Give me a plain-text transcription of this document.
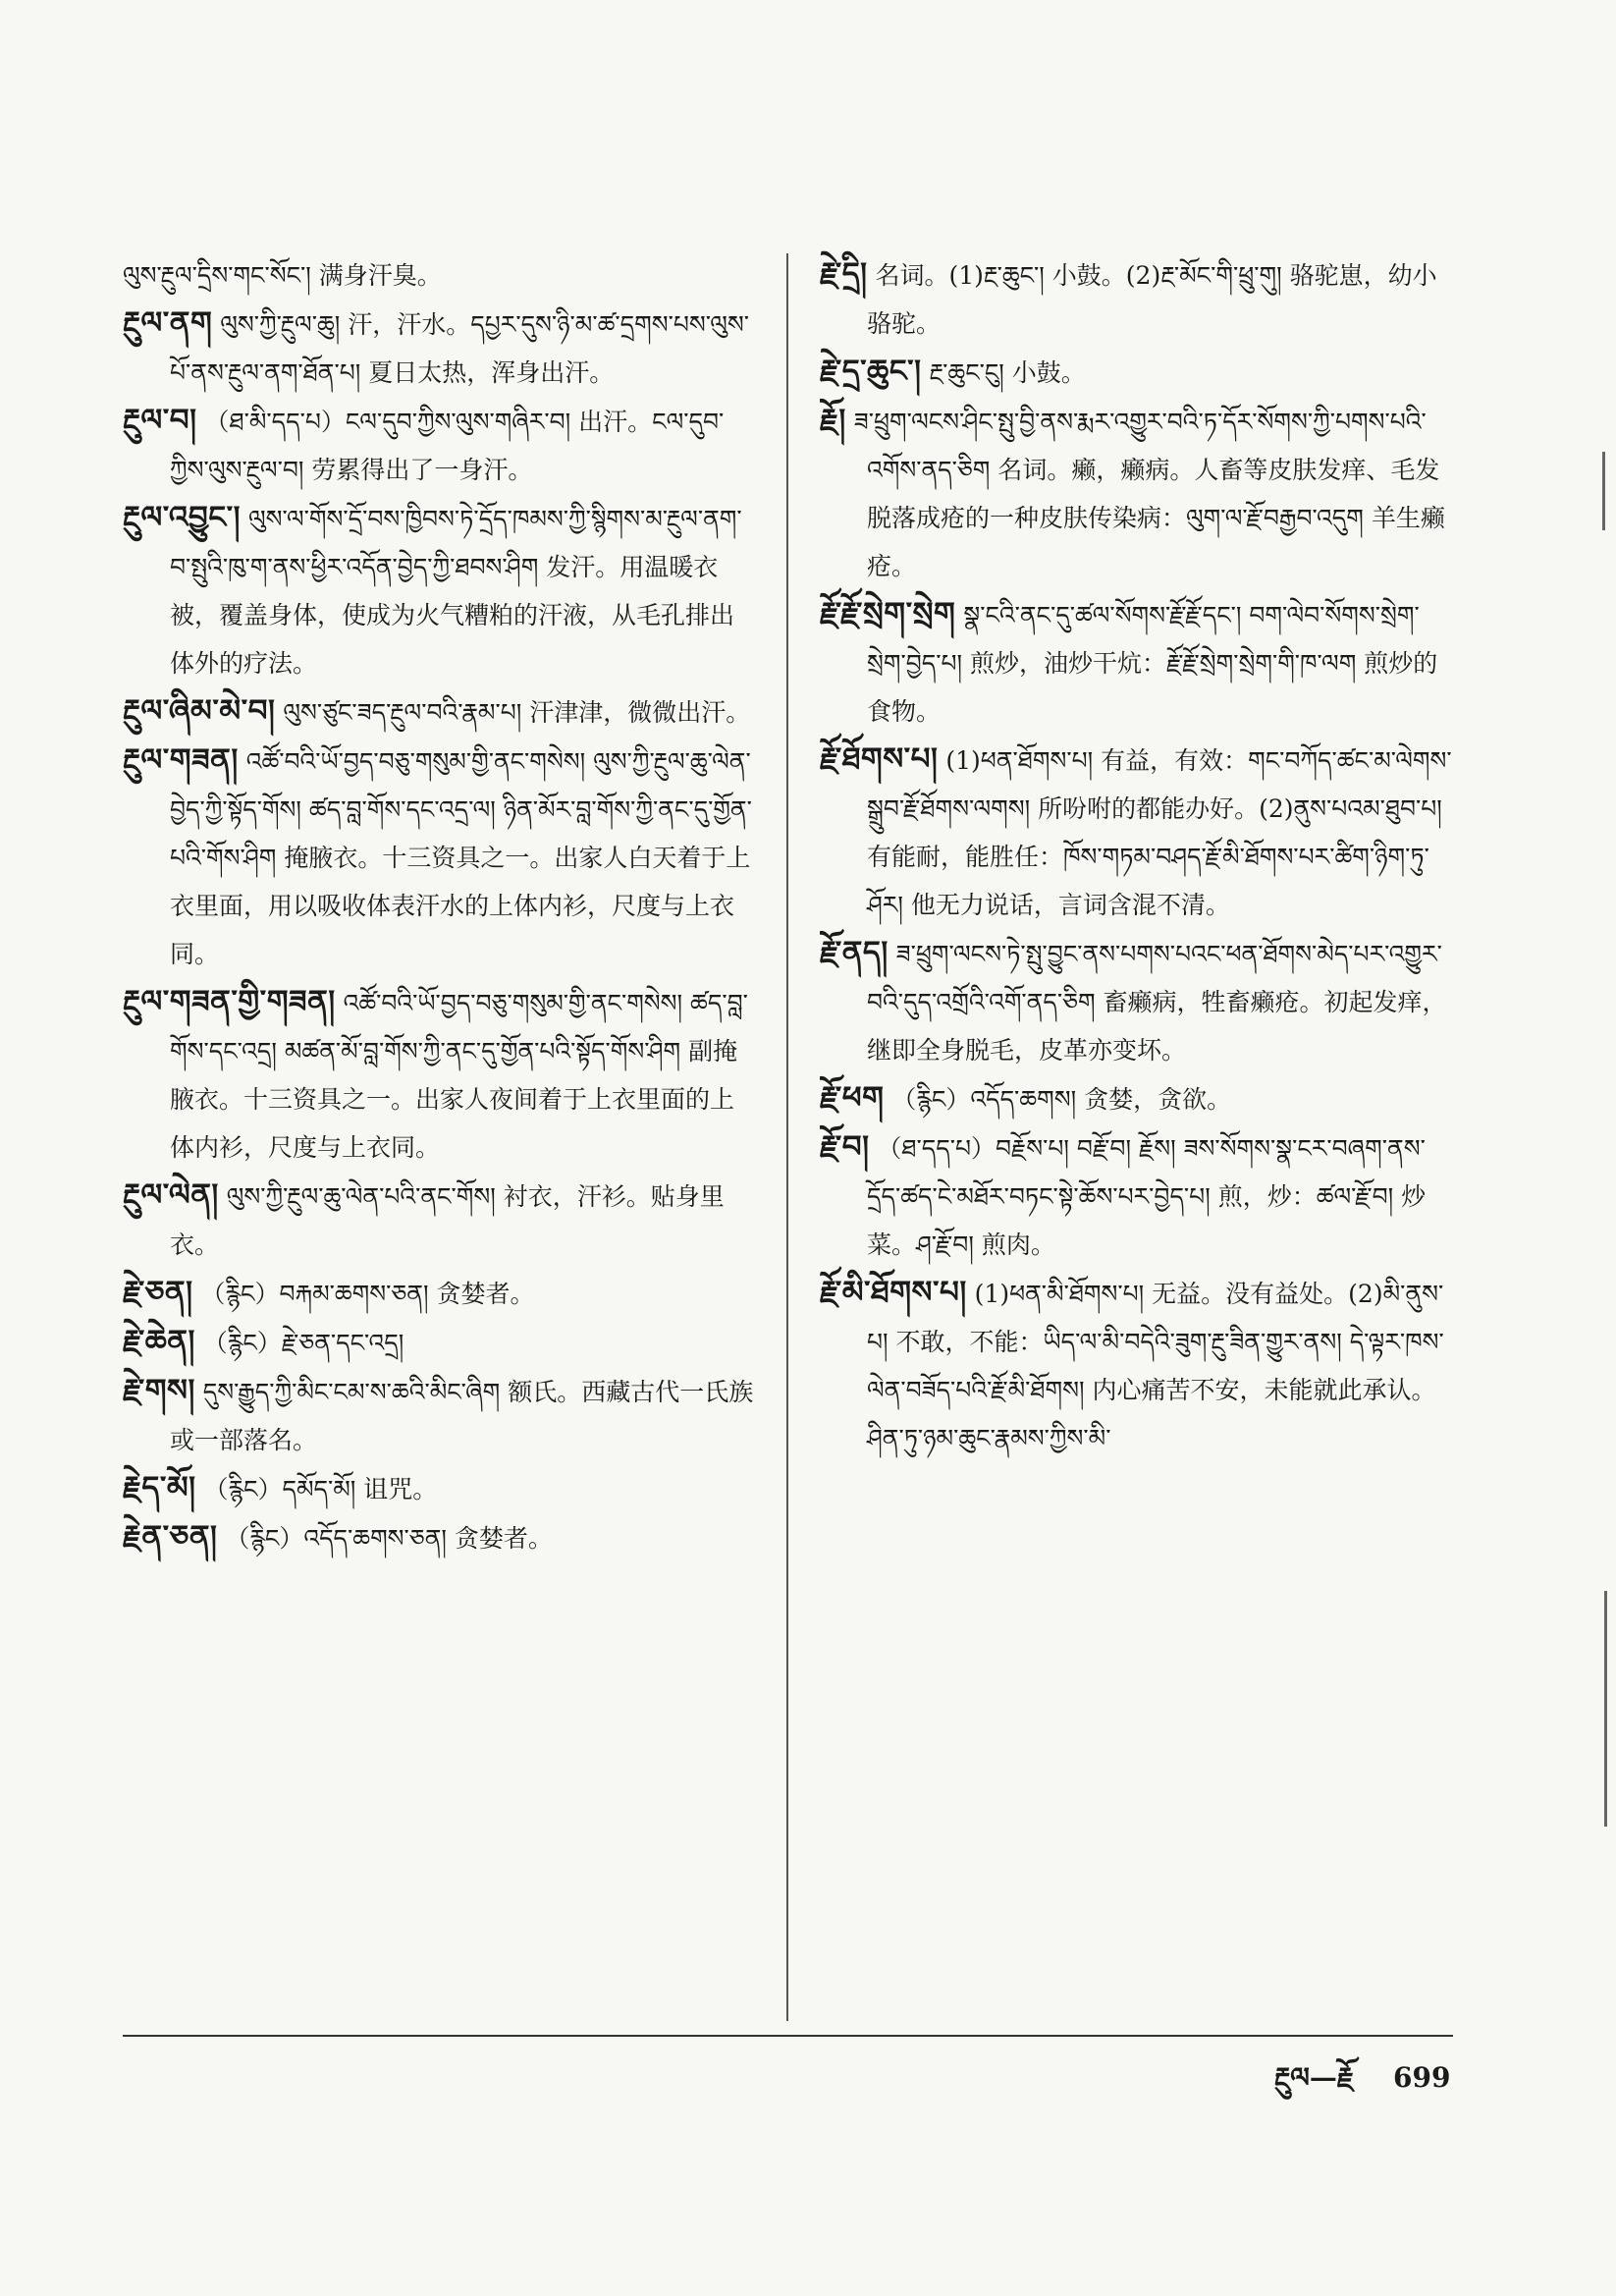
ལུས་རྔུལ་དྲིས་གང་སོང་། 满身汗臭。

རྔུལ་ནག ལུས་ཀྱི་རྔུལ་ཆུ། 汗，汗水。དཔྱར་དུས་ཉི་མ་ཚ་དྲགས་པས་ལུས་པོ་ནས་རྔུལ་ནག་ཐོན་པ། 夏日太热，浑身出汗。

རྔུལ་བ། （ཐ་མི་དད་པ）ངལ་དུབ་ཀྱིས་ལུས་གཞིར་བ། 出汗。ངལ་དུབ་ཀྱིས་ལུས་རྔུལ་བ། 劳累得出了一身汗。

རྔུལ་འབྱུང་། ལུས་ལ་གོས་དྲོ་བས་ཁྱིབས་ཏེ་དྲོད་ཁམས་ཀྱི་སྙིགས་མ་རྔུལ་ནག་བ་སྤུའི་ཁུ་ག་ནས་ཕྱིར་འདོན་བྱེད་ཀྱི་ཐབས་ཤིག 发汗。用温暖衣被，覆盖身体，使成为火气糟粕的汗液，从毛孔排出体外的疗法。

རྔུལ་ཞིམ་མེ་བ། ལུས་ཙུང་ཟད་རྔུལ་བའི་རྣམ་པ། 汗津津，微微出汗。

རྔུལ་གཟན། འཚོ་བའི་ཡོ་བྱད་བཅུ་གསུམ་གྱི་ནང་གསེས། ལུས་ཀྱི་རྔུལ་ཆུ་ལེན་བྱེད་ཀྱི་སྟོད་གོས། ཚད་བླ་གོས་དང་འདྲ་ལ། ཉིན་མོར་བླ་གོས་ཀྱི་ནང་དུ་གྱོན་པའི་གོས་ཤིག 掩腋衣。十三资具之一。出家人白天着于上衣里面，用以吸收体表汗水的上体内衫，尺度与上衣同。

རྔུལ་གཟན་གྱི་གཟན། འཚོ་བའི་ཡོ་བྱད་བཅུ་གསུམ་གྱི་ནང་གསེས། ཚད་བླ་གོས་དང་འདྲ། མཚན་མོ་བླ་གོས་ཀྱི་ནང་དུ་གྱོན་པའི་སྟོད་གོས་ཤིག 副掩腋衣。十三资具之一。出家人夜间着于上衣里面的上体内衫，尺度与上衣同。

རྔུལ་ལེན། ལུས་ཀྱི་རྔུལ་ཆུ་ལེན་པའི་ནང་གོས། 衬衣，汗衫。贴身里衣。

རྗེ་ཅན། （རྙིང）བརྐམ་ཆགས་ཅན། 贪婪者。

རྗེ་ཆེན། （རྙིང）རྗེ་ཅན་དང་འདྲ།

རྗེ་གས། དུས་རྒྱུད་ཀྱི་མིང་ངམ་ས་ཆའི་མིང་ཞིག 额氏。西藏古代一氏族或一部落名。

རྗེད་མོ། （རྙིང）དམོད་མོ། 诅咒。

རྗེན་ཅན། （རྙིང）འདོད་ཆགས་ཅན། 贪婪者。

རྗེ་དྲི། 名词。(1)རྔ་ཆུང་། 小鼓。(2)རྔ་མོང་གི་ཕྲུ་གུ། 骆驼崽，幼小骆驼。

རྗེ་དྲ་ཆུང་། རྔ་ཆུང་ངུ། 小鼓。

རྗོ། ཟ་ཕྲུག་ལངས་ཤིང་སྤུ་བྱི་ནས་རྨར་འགྱུར་བའི་ཏ་དོར་སོགས་ཀྱི་པགས་པའི་འགོས་ནད་ཅིག 名词。癞，癞病。人畜等皮肤发痒、毛发脱落成疮的一种皮肤传染病：ལུག་ལ་རྗོ་བརྒྱབ་འདུག 羊生癞疮。

རྗོ་རྗོ་སྲེག་སྲེག སྣ་ངའི་ནང་དུ་ཚལ་སོགས་རྗོ་རྗོ་དང་། བག་ལེབ་སོགས་སྲེག་སྲེག་བྱེད་པ། 煎炒，油炒干炕：རྗོ་རྗོ་སྲེག་སྲེག་གི་ཁ་ལག 煎炒的食物。

རྗོ་ཐོགས་པ། (1)ཕན་ཐོགས་པ། 有益，有效：གང་བཀོད་ཚང་མ་ལེགས་སྒྲུབ་རྗོ་ཐོགས་ལགས། 所吩咐的都能办好。(2)ནུས་པའམ་ཐུབ་པ། 有能耐，能胜任：ཁོས་གཏམ་བཤད་རྗོ་མི་ཐོགས་པར་ཚིག་ཉིག་ཏུ་ཤོར། 他无力说话，言词含混不清。

རྗོ་ནད། ཟ་ཕྲུག་ལངས་ཏེ་སྤུ་བྱུང་ནས་པགས་པའང་ཕན་ཐོགས་མེད་པར་འགྱུར་བའི་དུད་འགྲོའི་འགོ་ནད་ཅིག 畜癞病，牲畜癞疮。初起发痒，继即全身脱毛，皮革亦变坏。

རྗོ་ཕག （རྙིང）འདོད་ཆགས། 贪婪，贪欲。

རྗོ་བ། （ཐ་དད་པ）བརྗོས་པ། བརྗོ་བ། རྗོས། ཟས་སོགས་སྣ་ངར་བཞག་ནས་དྲོད་ཚད་ངེ་མཐོར་བཏང་སྟེ་ཆོས་པར་བྱེད་པ། 煎，炒：ཚལ་རྗོ་བ། 炒菜。ཤ་རྗོ་བ། 煎肉。

རྗོ་མི་ཐོགས་པ། (1)ཕན་མི་ཐོགས་པ། 无益。没有益处。(2)མི་ནུས་པ། 不敢，不能：ཡིད་ལ་མི་བདེའི་ཟུག་རྔུ་ཟིན་གྱུར་ནས། དེ་ལྟར་ཁས་ལེན་བཟོད་པའི་རྗོ་མི་ཐོགས། 内心痛苦不安，未能就此承认。ཤིན་ཏུ་ཉམ་ཆུང་རྣམས་ཀྱིས་མི་

རྔུལ—རྗོ 699
